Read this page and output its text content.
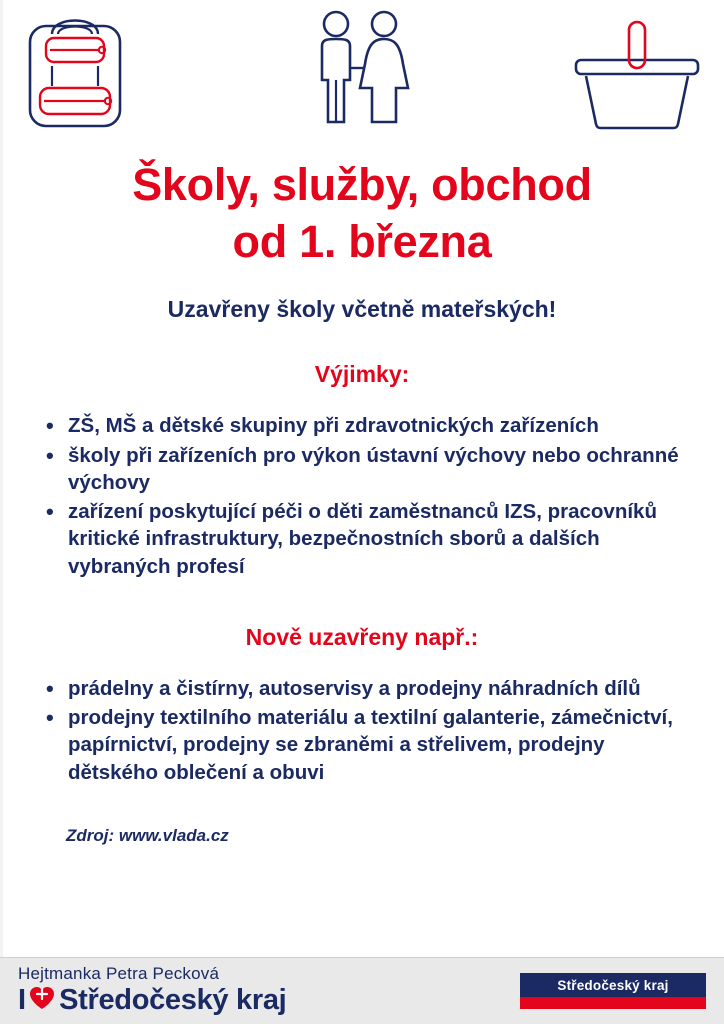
Školy, služby, obchod
od 1. března
Uzavřeny školy včetně mateřských!
Výjimky:
• ZŠ, MŠ a dětské skupiny při zdravotnických zařízeních
• školy při zařízeních pro výkon ústavní výchovy nebo ochranné výchovy
• zařízení poskytující péči o děti zaměstnanců IZS, pracovníků kritické infrastruktury, bezpečnostních sborů a dalších vybraných profesí
Nově uzavřeny např.:
• prádelny a čistírny, autoservisy a prodejny náhradních dílů
• prodejny textilního materiálu a textilní galanterie, zámečnictví, papírnictví, prodejny se zbraněmi a střelivem, prodejny dětského oblečení a obuvi
Zdroj: www.vlada.cz
Hejtmanka Petra Pecková
I Středočeský kraj	Středočeský kraj
